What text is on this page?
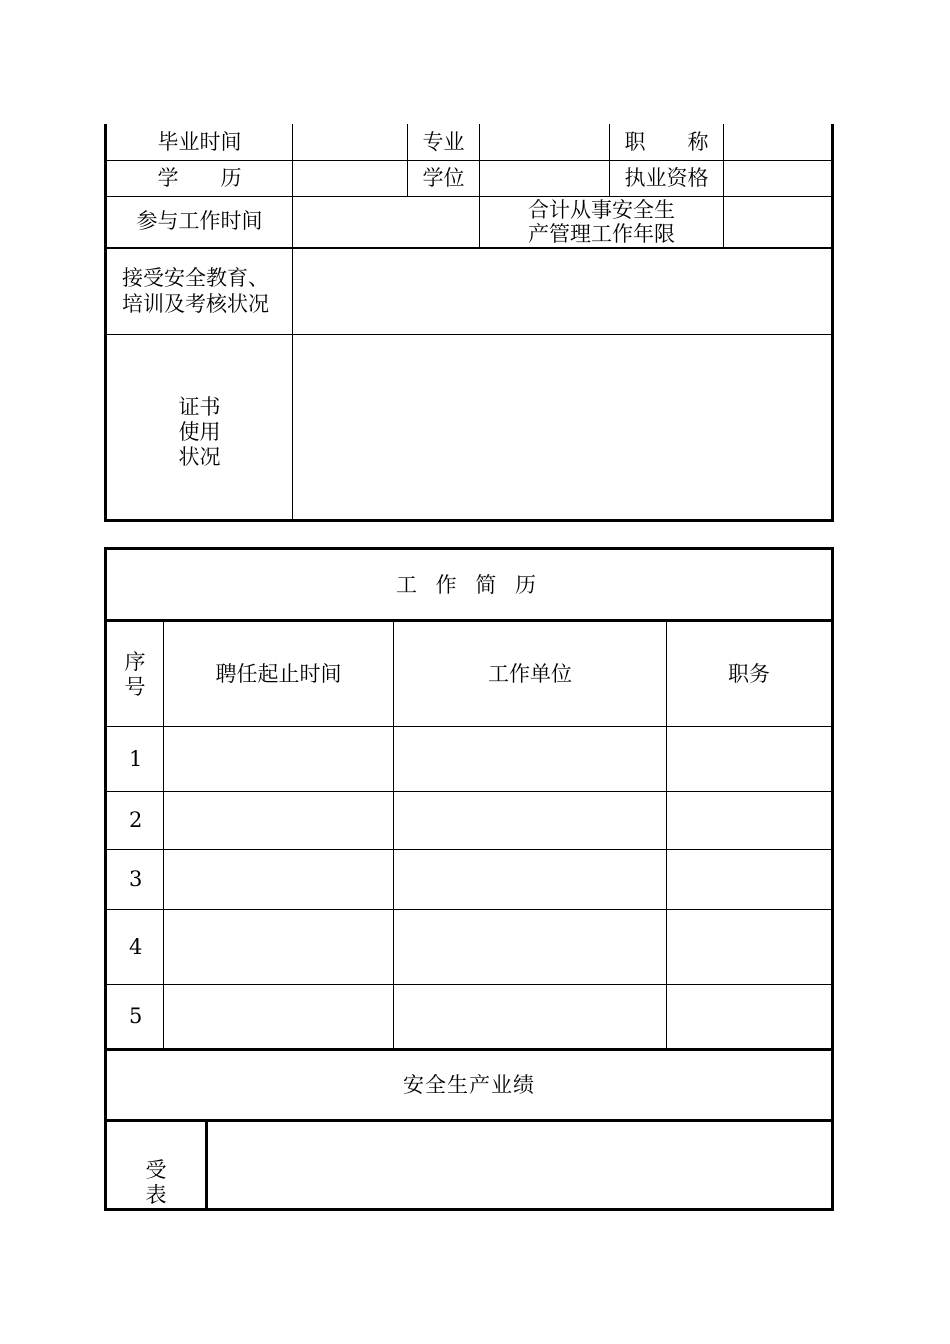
毕业时间	专业	职　　称
学　　历	学位	执业资格
参与工作时间	合计从事安全生
产管理工作年限
接受安全教育、
培训及考核状况
证书
使用
状况
工 作 简 历
序
号
聘任起止时间	工作单位	职务
1
2
3
4
5
安全生产业绩
受
表
